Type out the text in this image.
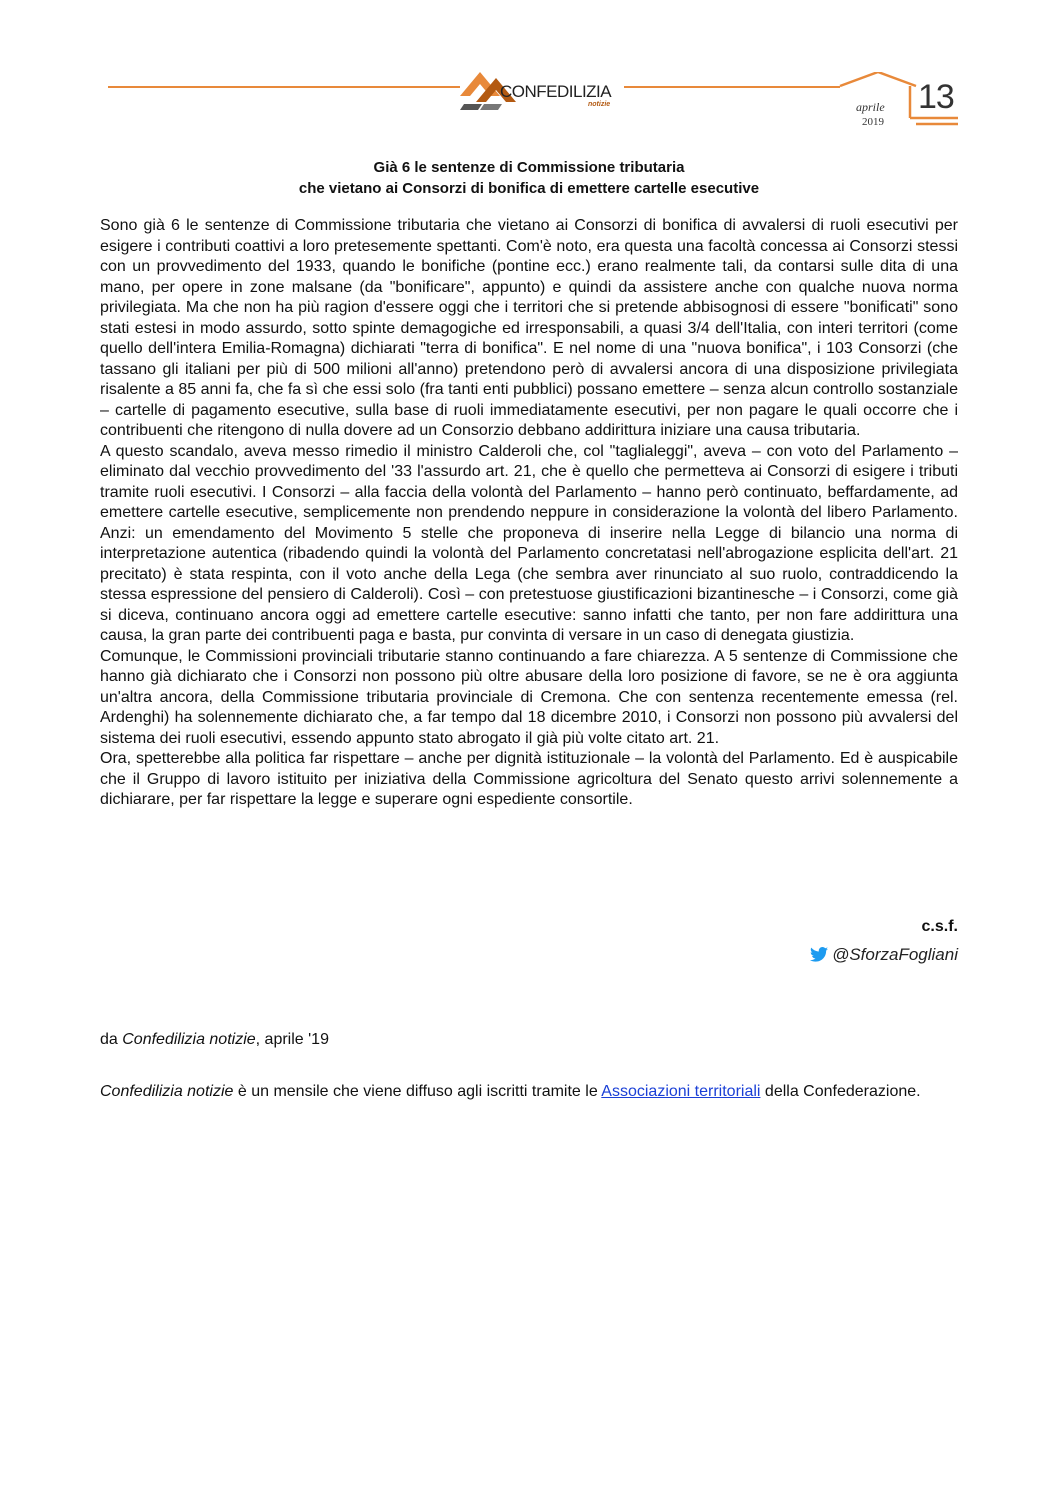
CONFEDILIZIA
notizie	aprile
2019
13
Già 6 le sentenze di Commissione tributaria
che vietano ai Consorzi di bonifica di emettere cartelle esecutive

Sono già 6 le sentenze di Commissione tributaria che vietano ai Consorzi di bonifica di avvalersi di ruoli esecutivi per esigere i contributi coattivi a loro pretesemente spettanti. Com'è noto, era questa una facoltà concessa ai Consorzi stessi con un provvedimento del 1933, quando le bonifiche (pontine ecc.) erano realmente tali, da contarsi sulle dita di una mano, per opere in zone malsane (da "bonificare", appunto) e quindi da assistere anche con qualche nuova norma privilegiata. Ma che non ha più ragion d'essere oggi che i territori che si pretende abbisognosi di essere "bonificati" sono stati estesi in modo assurdo, sotto spinte demagogiche ed irresponsabili, a quasi 3/4 dell'Italia, con interi territori (come quello dell'intera Emilia-Romagna) dichiarati "terra di bonifica". E nel nome di una "nuova bonifica", i 103 Consorzi (che tassano gli italiani per più di 500 milioni all'anno) pretendono però di avvalersi ancora di una disposizione privilegiata risalente a 85 anni fa, che fa sì che essi solo (fra tanti enti pubblici) possano emettere – senza alcun controllo sostanziale – cartelle di pagamento esecutive, sulla base di ruoli immediatamente esecutivi, per non pagare le quali occorre che i contribuenti che ritengono di nulla dovere ad un Consorzio debbano addirittura iniziare una causa tributaria.

A questo scandalo, aveva messo rimedio il ministro Calderoli che, col "taglialeggi", aveva – con voto del Parlamento – eliminato dal vecchio provvedimento del '33 l'assurdo art. 21, che è quello che permetteva ai Consorzi di esigere i tributi tramite ruoli esecutivi. I Consorzi – alla faccia della volontà del Parlamento – hanno però continuato, beffardamente, ad emettere cartelle esecutive, semplicemente non prendendo neppure in considerazione la volontà del libero Parlamento. Anzi: un emendamento del Movimento 5 stelle che proponeva di inserire nella Legge di bilancio una norma di interpretazione autentica (ribadendo quindi la volontà del Parlamento concretatasi nell'abrogazione esplicita dell'art. 21 precitato) è stata respinta, con il voto anche della Lega (che sembra aver rinunciato al suo ruolo, contraddicendo la stessa espressione del pensiero di Calderoli). Così – con pretestuose giustificazioni bizantinesche – i Consorzi, come già si diceva, continuano ancora oggi ad emettere cartelle esecutive: sanno infatti che tanto, per non fare addirittura una causa, la gran parte dei contribuenti paga e basta, pur convinta di versare in un caso di denegata giustizia.

Comunque, le Commissioni provinciali tributarie stanno continuando a fare chiarezza. A 5 sentenze di Commissione che hanno già dichiarato che i Consorzi non possono più oltre abusare della loro posizione di favore, se ne è ora aggiunta un'altra ancora, della Commissione tributaria provinciale di Cremona. Che con sentenza recentemente emessa (rel. Ardenghi) ha solennemente dichiarato che, a far tempo dal 18 dicembre 2010, i Consorzi non possono più avvalersi del sistema dei ruoli esecutivi, essendo appunto stato abrogato il già più volte citato art. 21.

Ora, spetterebbe alla politica far rispettare – anche per dignità istituzionale – la volontà del Parlamento. Ed è auspicabile che il Gruppo di lavoro istituito per iniziativa della Commissione agricoltura del Senato questo arrivi solennemente a dichiarare, per far rispettare la legge e superare ogni espediente consortile.

c.s.f.
@SforzaFogliani
da Confedilizia notizie, aprile '19
Confedilizia notizie è un mensile che viene diffuso agli iscritti tramite le Associazioni territoriali della Confederazione.
